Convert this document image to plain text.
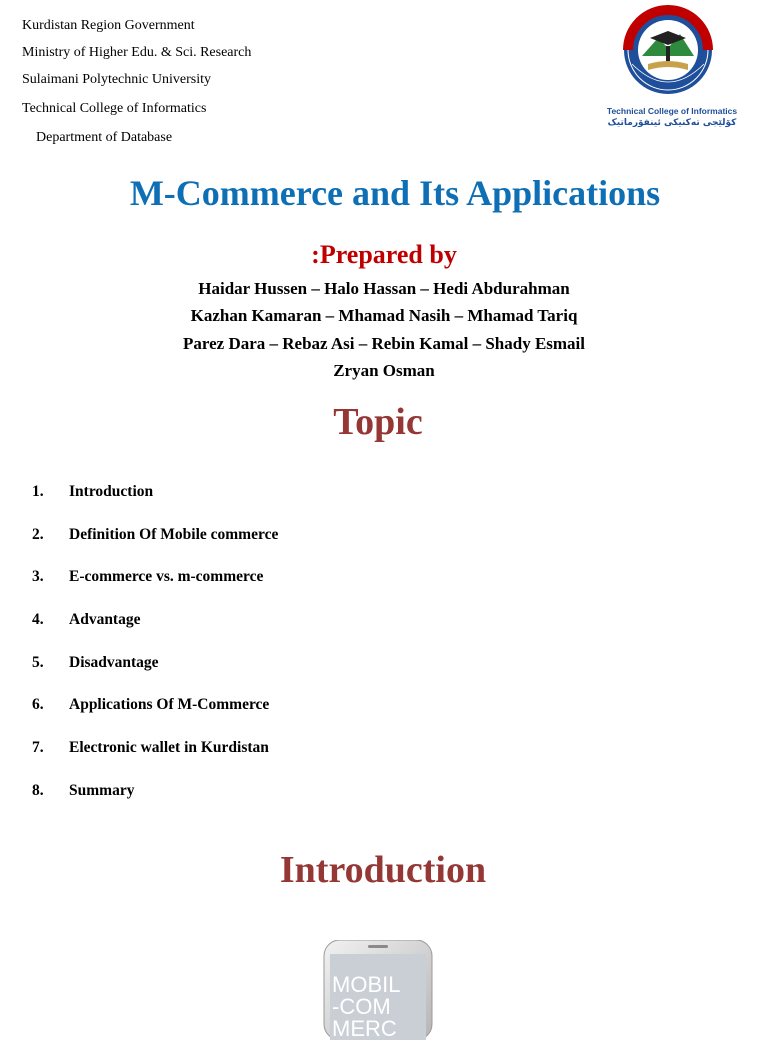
Kurdistan Region Government
Ministry of Higher Edu. & Sci. Research
Sulaimani Polytechnic University
Technical College of Informatics
Department of Database
Technical College of Informatics
کۆلێجی تەکنیکی ئینفۆرماتیک
M-Commerce and Its Applications
:Prepared by
Haidar Hussen – Halo Hassan – Hedi Abdurahman
Kazhan Kamaran – Mhamad Nasih – Mhamad Tariq
Parez Dara – Rebaz Asi – Rebin Kamal – Shady Esmail
Zryan Osman
Topic
1.	Introduction
2.	Definition Of Mobile commerce
3.	E-commerce vs. m-commerce
4.	Advantage
5.	Disadvantage
6.	Applications Of M-Commerce
7.	Electronic wallet in Kurdistan
8.	Summary
Introduction
MOBIL
-COM
MERC
